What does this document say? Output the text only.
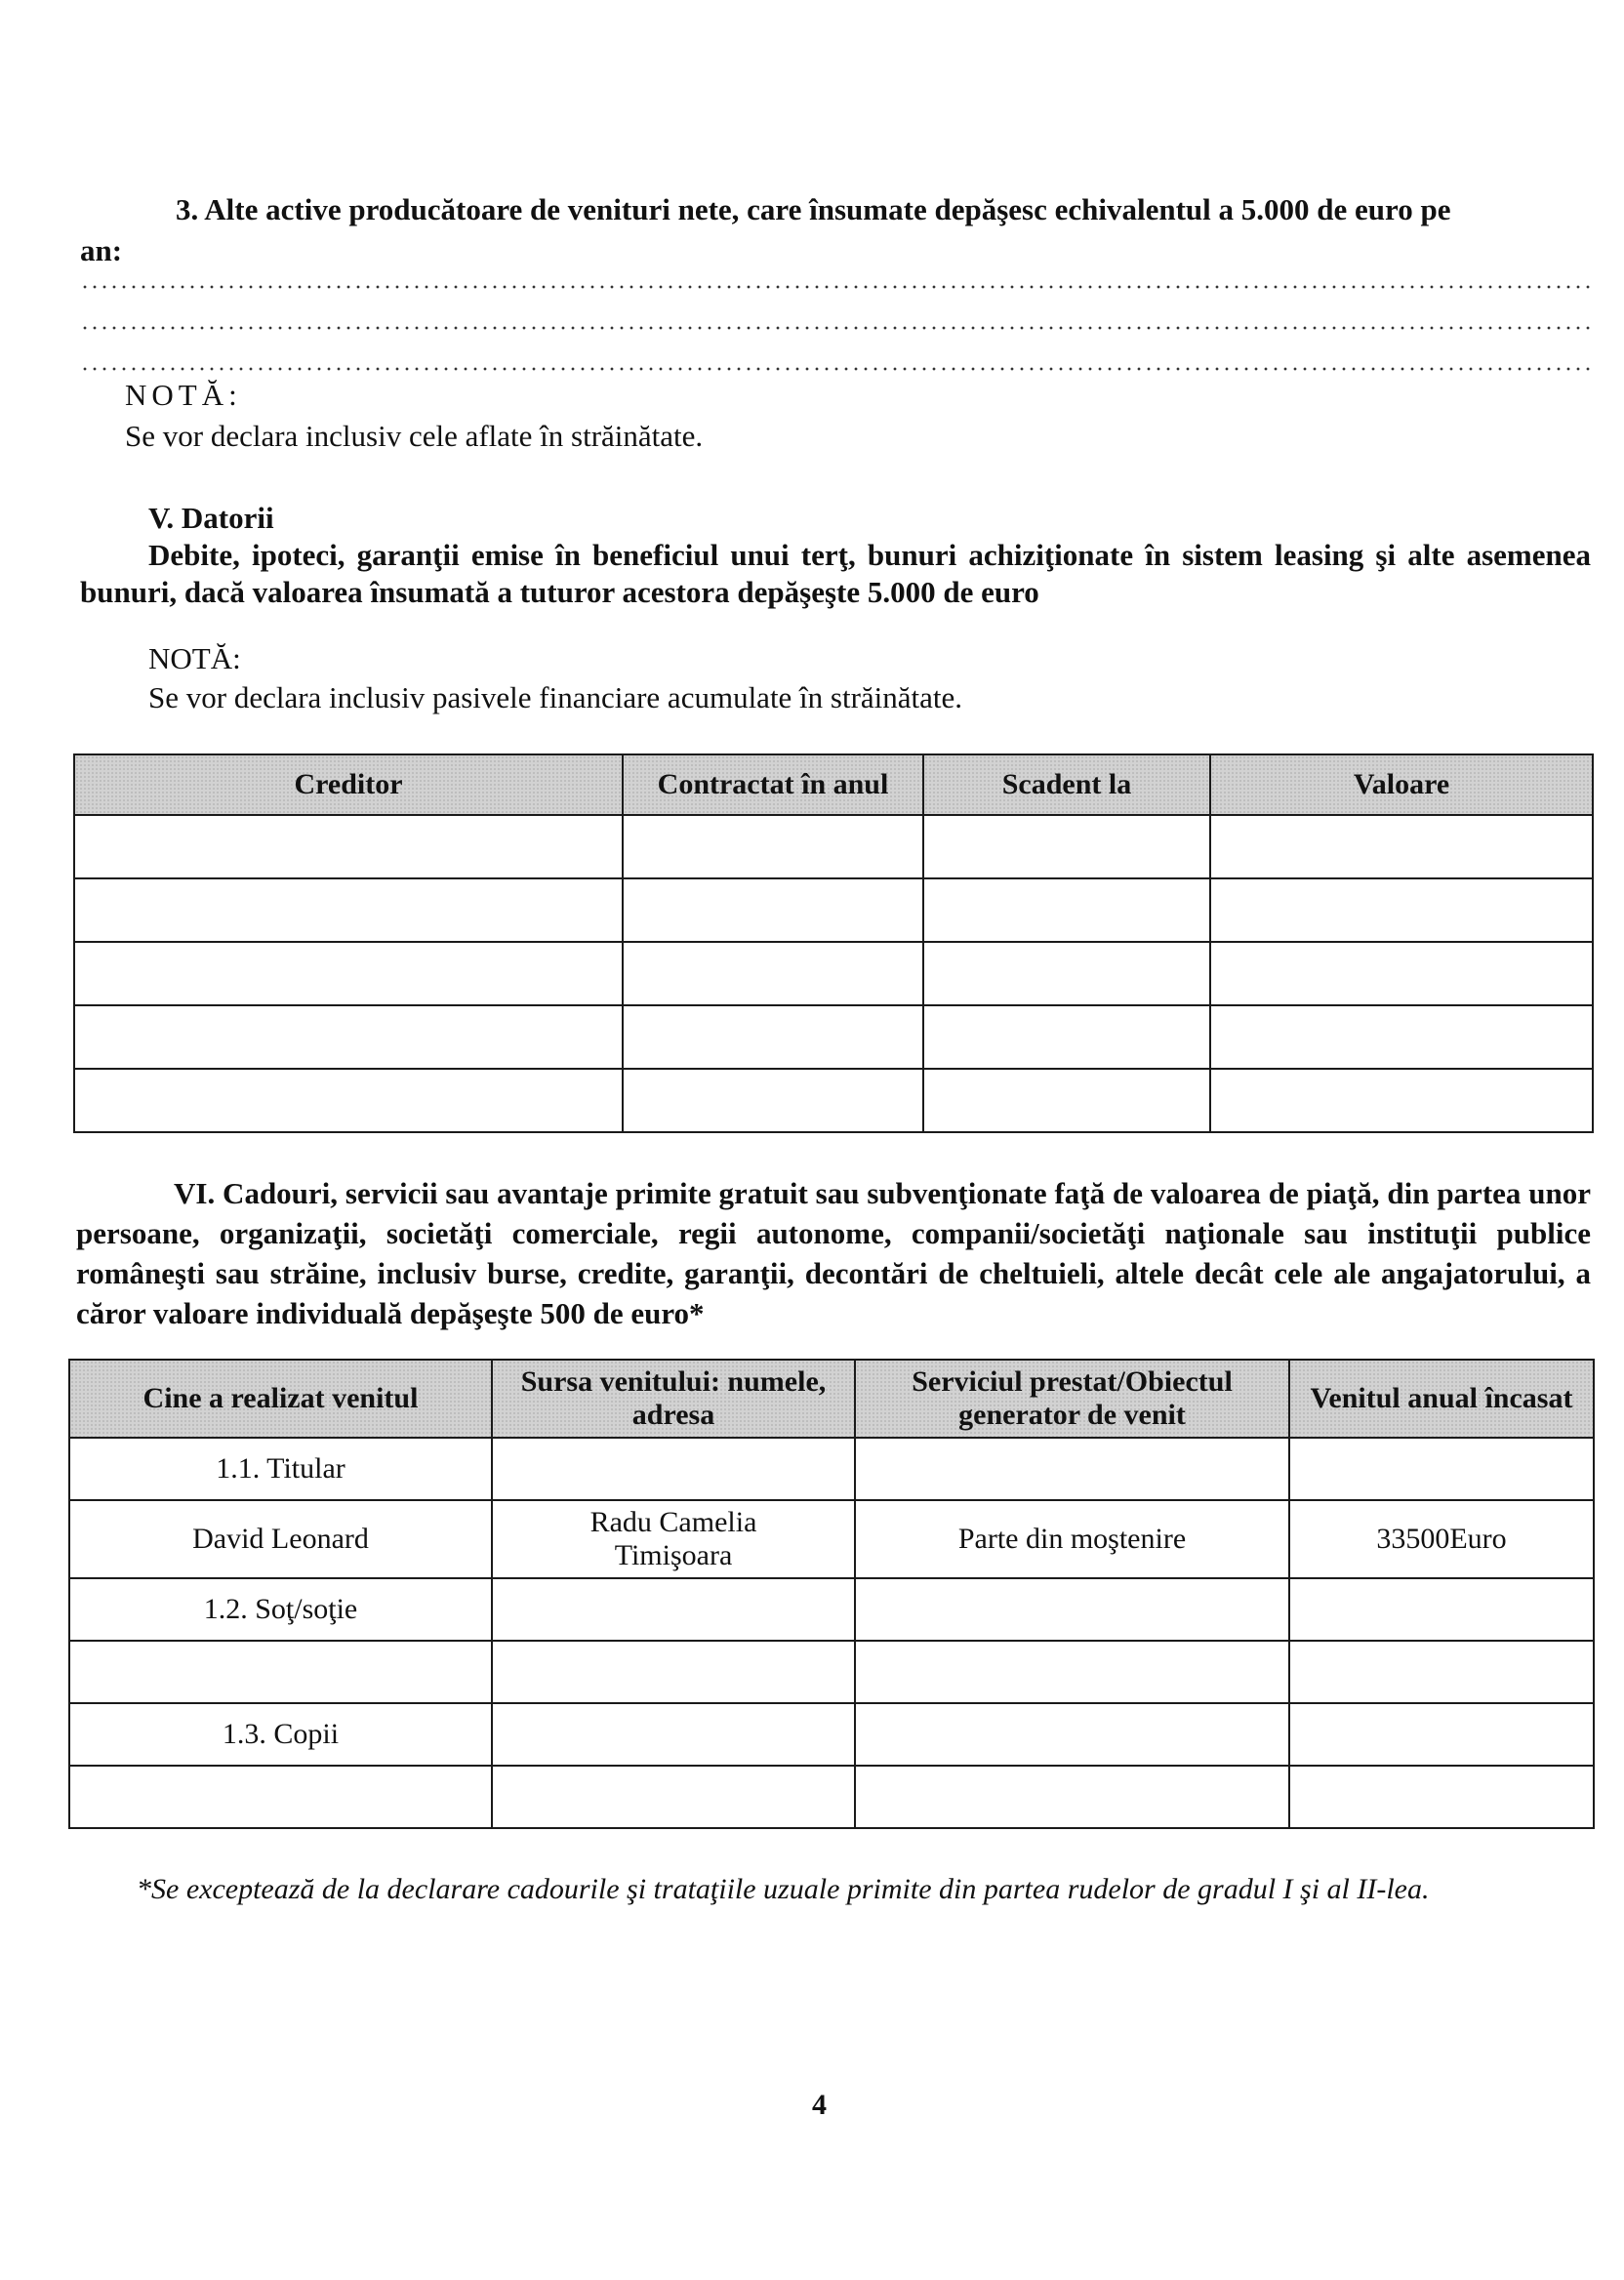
3. Alte active producătoare de venituri nete, care însumate depăşesc echivalentul a 5.000 de euro pe
an:
NOTĂ:
Se vor declara inclusiv cele aflate în străinătate.
V. Datorii
Debite, ipoteci, garanţii emise în beneficiul unui terţ, bunuri achiziţionate în sistem leasing şi alte asemenea bunuri, dacă valoarea însumată a tuturor acestora depăşeşte 5.000 de euro
NOTĂ:
Se vor declara inclusiv pasivele financiare acumulate în străinătate.
Creditor	Contractat în anul	Scadent la	Valoare

VI. Cadouri, servicii sau avantaje primite gratuit sau subvenţionate faţă de valoarea de piaţă, din partea unor persoane, organizaţii, societăţi comerciale, regii autonome, companii/societăţi naţionale sau instituţii publice româneşti sau străine, inclusiv burse, credite, garanţii, decontări de cheltuieli, altele decât cele ale angajatorului, a căror valoare individuală depăşeşte 500 de euro*
Cine a realizat venitul	Sursa venitului: numele, adresa	Serviciul prestat/Obiectul generator de venit	Venitul anual încasat
1.1. Titular			
David Leonard	Radu Camelia Timişoara	Parte din moştenire	33500Euro
1.2. Soţ/soţie			

1.3. Copii			

*Se exceptează de la declarare cadourile şi trataţiile uzuale primite din partea rudelor de gradul I şi al II-lea.
4
